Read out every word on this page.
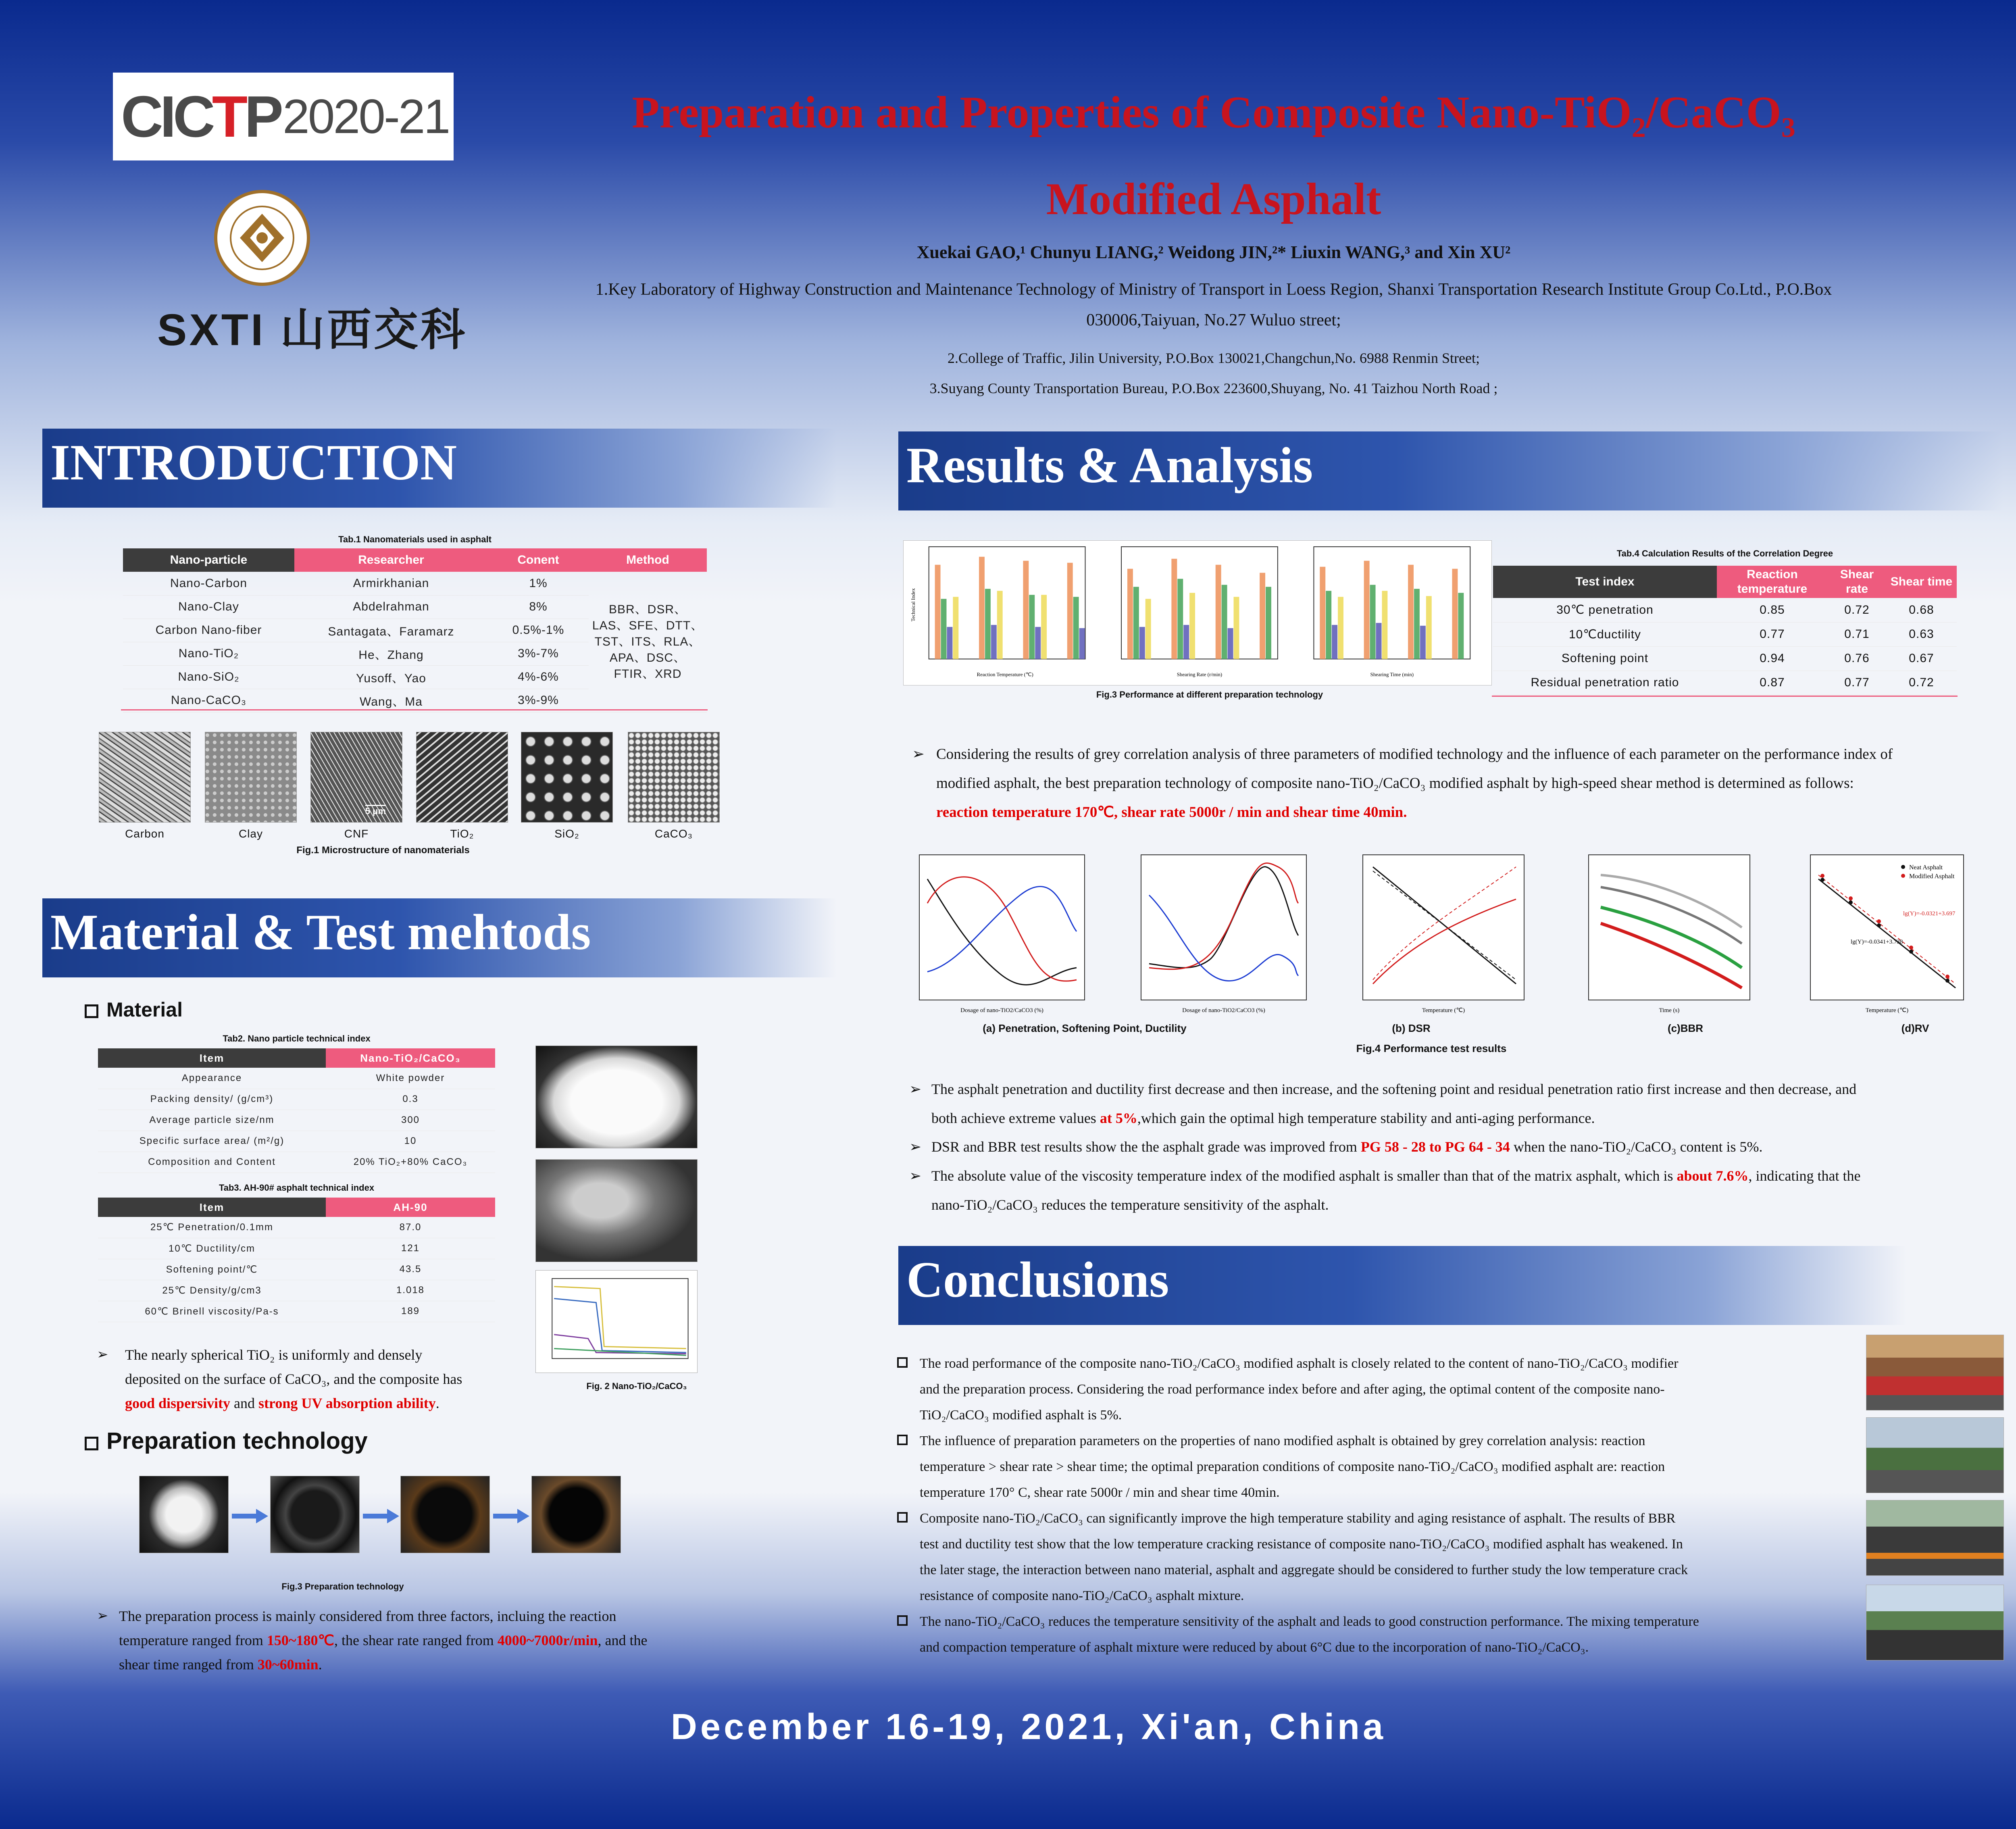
CICTP 2020-21
SXTI 山西交科
Preparation and Properties of Composite Nano-TiO$_2$/CaCO$_3$
Modified Asphalt
Xuekai GAO,¹ Chunyu LIANG,² Weidong JIN,²* Liuxin WANG,³ and Xin XU²
1.Key Laboratory of Highway Construction and Maintenance Technology of Ministry of Transport in Loess Region, Shanxi Transportation Research Institute Group Co.Ltd., P.O.Box
030006,Taiyuan, No.27 Wuluo street;
2.College of Traffic, Jilin University, P.O.Box 130021,Changchun,No. 6988 Renmin Street;
3.Suyang County Transportation Bureau, P.O.Box 223600,Shuyang, No. 41 Taizhou North Road ;
INTRODUCTION
Material & Test mehtods
Results & Analysis
Conclusions
Tab.1 Nanomaterials used in asphalt
Nano-particle	Researcher	Conent	Method
Nano-Carbon	Armirkhanian	1%	BBR、DSR、LAS、SFE、DTT、TST、ITS、RLA、APA、DSC、FTIR、XRD
Nano-Clay	Abdelrahman	8%	
Carbon Nano-fiber	Santagata、Faramarz	0.5%-1%	
Nano-TiO₂	He、Zhang	3%-7%	
Nano-SiO₂	Yusoff、Yao	4%-6%	
Nano-CaCO₃	Wang、Ma	3%-9%	
5 μm
Carbon	Clay	CNF	TiO₂	SiO₂	CaCO₃
Fig.1 Microstructure of nanomaterials
Material
Tab2. Nano particle technical index
Item	Nano-TiO₂/CaCO₃
Appearance	White powder
Packing density/ (g/cm³)	0.3
Average particle size/nm	300
Specific surface area/ (m²/g)	10
Composition and Content	20% TiO₂+80% CaCO₃
Tab3. AH-90# asphalt technical index
Item	AH-90
25℃ Penetration/0.1mm	87.0
10℃ Ductility/cm	121
Softening point/℃	43.5
25℃ Density/g/cm3	1.018
60℃ Brinell viscosity/Pa-s	189
Fig. 2 Nano-TiO₂/CaCO₃
➢	The nearly spherical TiO₂ is uniformly and densely
deposited on the surface of CaCO₃, and the composite has
good dispersivity and strong UV absorption ability.
Preparation technology
Fig.3 Preparation technology
➢ The preparation process is mainly considered from three factors, incluing the reaction
temperature ranged from 150~180℃, the shear rate ranged from 4000~7000r/min, and the
shear time ranged from 30~60min.
Reaction Temperature (℃)	Shearing Rate (r/min)	Shearing Time (min)
Technical Index
Fig.3 Performance at different preparation technology
Tab.4 Calculation Results of the Correlation Degree
Test index	Reaction temperature	Shear rate	Shear time
30℃ penetration	0.85	0.72	0.68
10℃ductility	0.77	0.71	0.63
Softening point	0.94	0.76	0.67
Residual penetration ratio	0.87	0.77	0.72
➢ Considering the results of grey correlation analysis of three parameters of modified technology and the influence of each parameter on the performance index of
modified asphalt, the best preparation technology of composite nano-TiO₂/CaCO₃ modified asphalt by high-speed shear method is determined as follows:
reaction temperature 170℃, shear rate 5000r / min and shear time 40min.
Dosage of nano-TiO2/CaCO3 (%)	Dosage of nano-TiO2/CaCO3 (%)	Temperature (℃)	Time (s)
Neat Asphalt
Modified Asphalt
lg(Y)=-0.0321+3.697
lg(Y)=-0.0341+3.738
Temperature (℃)
(a) Penetration, Softening Point, Ductility	(b) DSR	(c)BBR	(d)RV
Fig.4 Performance test results
➢ The asphalt penetration and ductility first decrease and then increase, and the softening point and residual penetration ratio first increase and then decrease, and
both achieve extreme values at 5%,which gain the optimal high temperature stability and anti-aging performance.
➢ DSR and BBR test results show the the asphalt grade was improved from PG 58 - 28 to PG 64 - 34 when the nano-TiO₂/CaCO₃ content is 5%.
➢ The absolute value of the viscosity temperature index of the modified asphalt is smaller than that of the matrix asphalt, which is about 7.6%, indicating that the
nano-TiO₂/CaCO₃ reduces the temperature sensitivity of the asphalt.
The road performance of the composite nano-TiO₂/CaCO₃ modified asphalt is closely related to the content of nano-TiO₂/CaCO₃ modifier
and the preparation process. Considering the road performance index before and after aging, the optimal content of the composite nano-
TiO₂/CaCO₃ modified asphalt is 5%.
The influence of preparation parameters on the properties of nano modified asphalt is obtained by grey correlation analysis: reaction
temperature > shear rate > shear time; the optimal preparation conditions of composite nano-TiO₂/CaCO₃ modified asphalt are: reaction
temperature 170° C, shear rate 5000r / min and shear time 40min.
Composite nano-TiO₂/CaCO₃ can significantly improve the high temperature stability and aging resistance of asphalt. The results of BBR
test and ductility test show that the low temperature cracking resistance of composite nano-TiO₂/CaCO₃ modified asphalt has weakened. In
the later stage, the interaction between nano material, asphalt and aggregate should be considered to further study the low temperature crack
resistance of composite nano-TiO₂/CaCO₃ asphalt mixture.
The nano-TiO₂/CaCO₃ reduces the temperature sensitivity of the asphalt and leads to good construction performance. The mixing temperature
and compaction temperature of asphalt mixture were reduced by about 6°C due to the incorporation of nano-TiO₂/CaCO₃.
December 16-19, 2021, Xi'an, China
